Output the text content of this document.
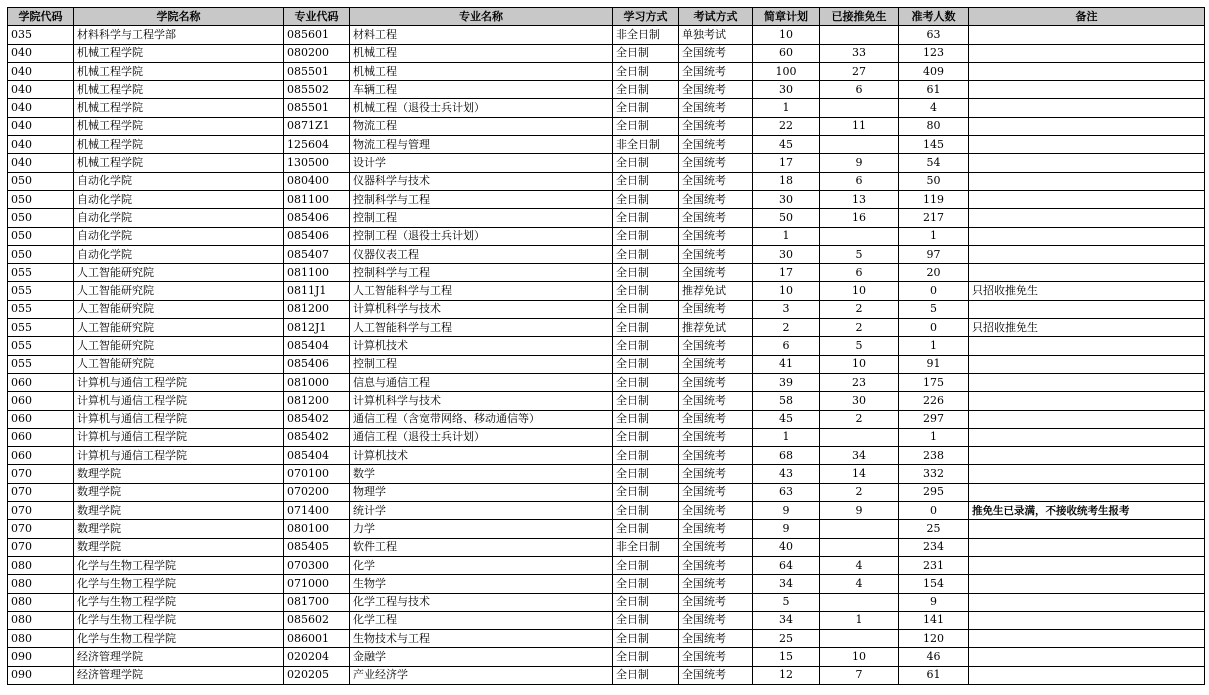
学院代码	学院名称	专业代码	专业名称	学习方式	考试方式	简章计划	已接推免生	准考人数	备注
035	材料科学与工程学部	085601	材料工程	非全日制	单独考试	10		63	
040	机械工程学院	080200	机械工程	全日制	全国统考	60	33	123	
040	机械工程学院	085501	机械工程	全日制	全国统考	100	27	409	
040	机械工程学院	085502	车辆工程	全日制	全国统考	30	6	61	
040	机械工程学院	085501	机械工程（退役士兵计划）	全日制	全国统考	1		4	
040	机械工程学院	0871Z1	物流工程	全日制	全国统考	22	11	80	
040	机械工程学院	125604	物流工程与管理	非全日制	全国统考	45		145	
040	机械工程学院	130500	设计学	全日制	全国统考	17	9	54	
050	自动化学院	080400	仪器科学与技术	全日制	全国统考	18	6	50	
050	自动化学院	081100	控制科学与工程	全日制	全国统考	30	13	119	
050	自动化学院	085406	控制工程	全日制	全国统考	50	16	217	
050	自动化学院	085406	控制工程（退役士兵计划）	全日制	全国统考	1		1	
050	自动化学院	085407	仪器仪表工程	全日制	全国统考	30	5	97	
055	人工智能研究院	081100	控制科学与工程	全日制	全国统考	17	6	20	
055	人工智能研究院	0811J1	人工智能科学与工程	全日制	推荐免试	10	10	0	只招收推免生
055	人工智能研究院	081200	计算机科学与技术	全日制	全国统考	3	2	5	
055	人工智能研究院	0812J1	人工智能科学与工程	全日制	推荐免试	2	2	0	只招收推免生
055	人工智能研究院	085404	计算机技术	全日制	全国统考	6	5	1	
055	人工智能研究院	085406	控制工程	全日制	全国统考	41	10	91	
060	计算机与通信工程学院	081000	信息与通信工程	全日制	全国统考	39	23	175	
060	计算机与通信工程学院	081200	计算机科学与技术	全日制	全国统考	58	30	226	
060	计算机与通信工程学院	085402	通信工程（含宽带网络、移动通信等）	全日制	全国统考	45	2	297	
060	计算机与通信工程学院	085402	通信工程（退役士兵计划）	全日制	全国统考	1		1	
060	计算机与通信工程学院	085404	计算机技术	全日制	全国统考	68	34	238	
070	数理学院	070100	数学	全日制	全国统考	43	14	332	
070	数理学院	070200	物理学	全日制	全国统考	63	2	295	
070	数理学院	071400	统计学	全日制	全国统考	9	9	0	推免生已录满，不接收统考生报考
070	数理学院	080100	力学	全日制	全国统考	9		25	
070	数理学院	085405	软件工程	非全日制	全国统考	40		234	
080	化学与生物工程学院	070300	化学	全日制	全国统考	64	4	231	
080	化学与生物工程学院	071000	生物学	全日制	全国统考	34	4	154	
080	化学与生物工程学院	081700	化学工程与技术	全日制	全国统考	5		9	
080	化学与生物工程学院	085602	化学工程	全日制	全国统考	34	1	141	
080	化学与生物工程学院	086001	生物技术与工程	全日制	全国统考	25		120	
090	经济管理学院	020204	金融学	全日制	全国统考	15	10	46	
090	经济管理学院	020205	产业经济学	全日制	全国统考	12	7	61	
